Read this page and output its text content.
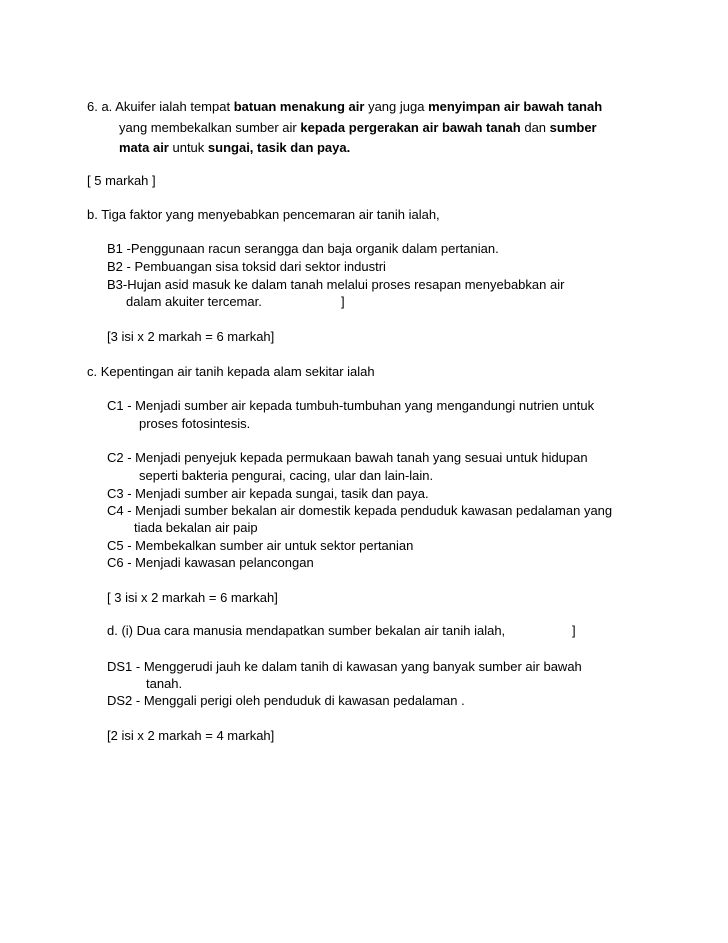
6. a. Akuifer ialah tempat batuan menakung air yang juga menyimpan air bawah tanah
yang membekalkan sumber air kepada pergerakan air bawah tanah dan sumber
mata air untuk sungai, tasik dan paya.
[ 5 markah ]
b. Tiga faktor yang menyebabkan pencemaran air tanih ialah,
B1 -Penggunaan racun serangga dan baja organik dalam pertanian.
B2 - Pembuangan sisa toksid dari sektor industri
B3-Hujan asid masuk ke dalam tanah melalui proses resapan menyebabkan air
dalam akuiter tercemar.	]
[3 isi x 2 markah = 6 markah]
c. Kepentingan air tanih kepada alam sekitar ialah
C1 - Menjadi sumber air kepada tumbuh-tumbuhan yang mengandungi nutrien untuk
proses fotosintesis.
C2 - Menjadi penyejuk kepada permukaan bawah tanah yang sesuai untuk hidupan
seperti bakteria pengurai, cacing, ular dan lain-lain.
C3 - Menjadi sumber air kepada sungai, tasik dan paya.
C4 - Menjadi sumber bekalan air domestik kepada penduduk kawasan pedalaman yang
tiada bekalan air paip
C5 - Membekalkan sumber air untuk sektor pertanian
C6 - Menjadi kawasan pelancongan
[ 3 isi x 2 markah = 6 markah]
d. (i) Dua cara manusia mendapatkan sumber bekalan air tanih ialah,	]
DS1 - Menggerudi jauh ke dalam tanih di kawasan yang banyak sumber air bawah
tanah.
DS2 - Menggali perigi oleh penduduk di kawasan pedalaman .
[2 isi x 2 markah = 4 markah]
